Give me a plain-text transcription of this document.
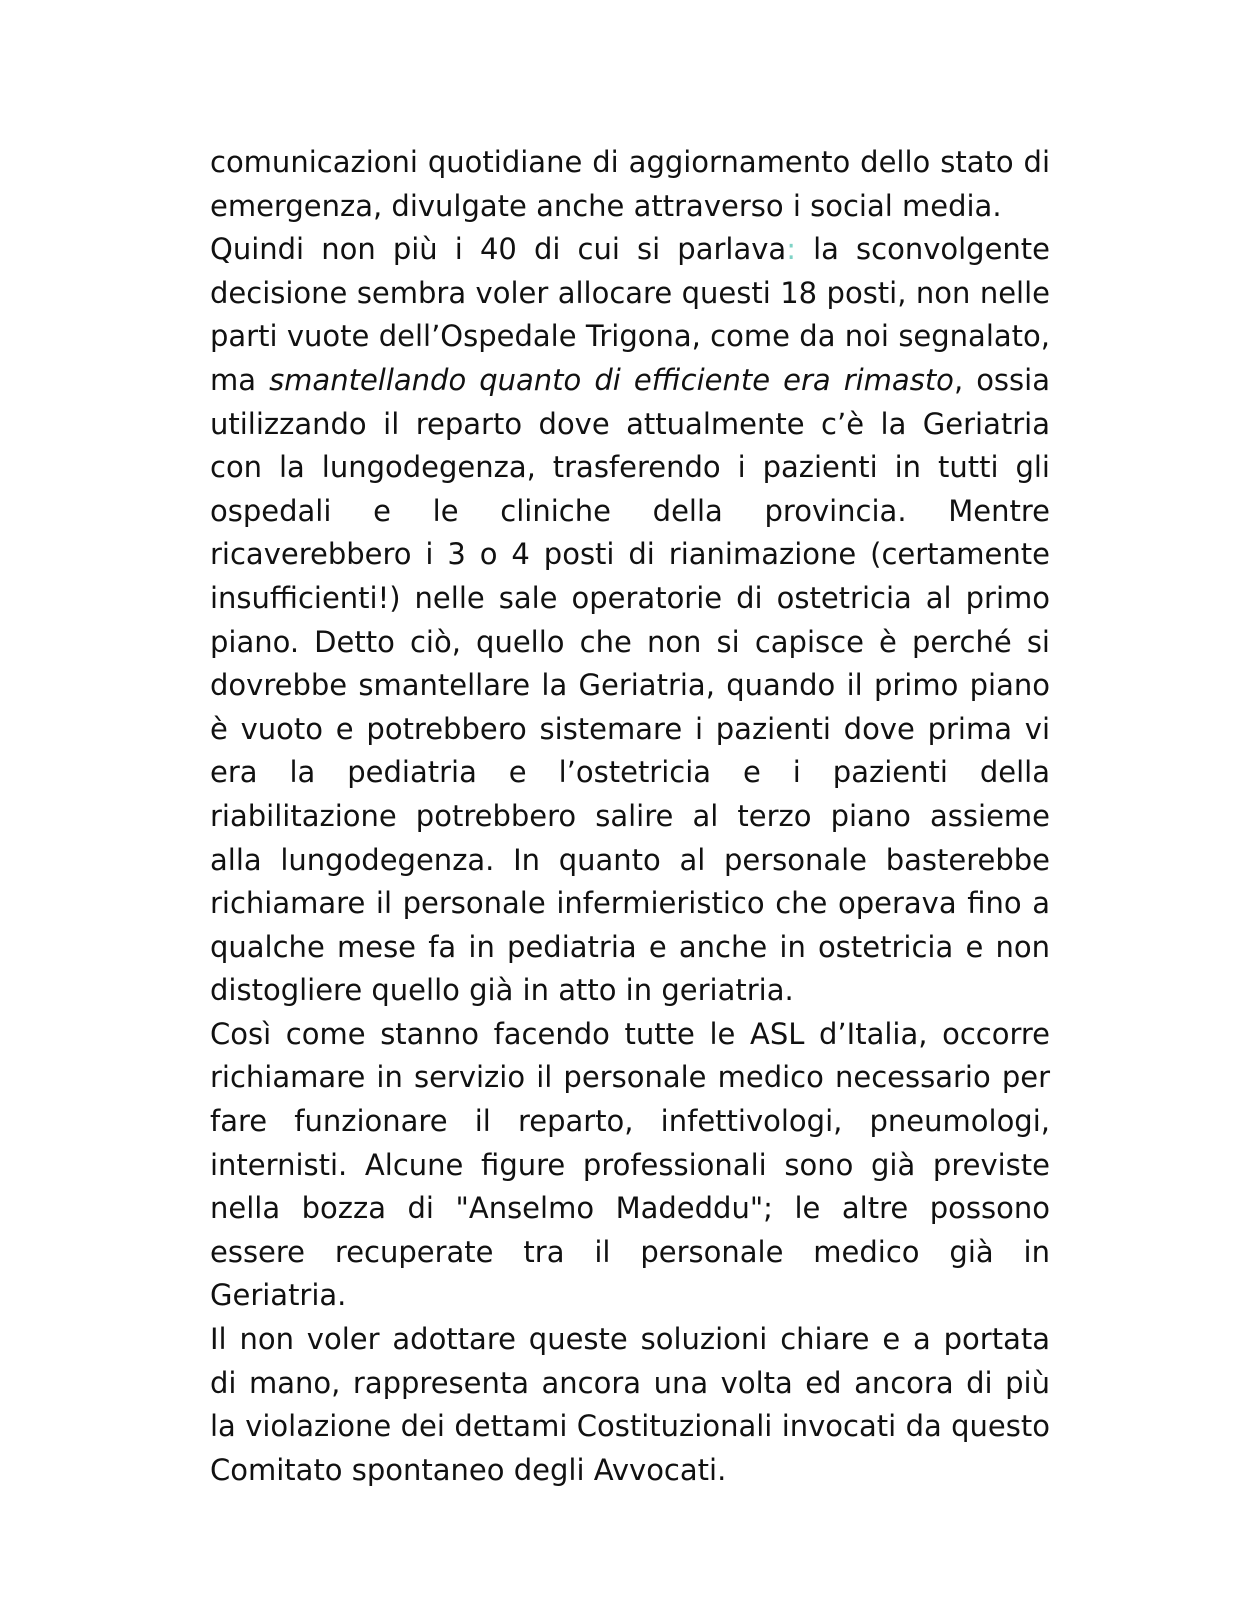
comunicazioni quotidiane di aggiornamento dello stato di emergenza, divulgate anche attraverso i social media.

Quindi non più i 40 di cui si parlava: la sconvolgente decisione sembra voler allocare questi 18 posti, non nelle parti vuote dell’Ospedale Trigona, come da noi segnalato, ma smantellando quanto di efficiente era rimasto, ossia utilizzando il reparto dove attualmente c’è la Geriatria con la lungodegenza, trasferendo i pazienti in tutti gli ospedali e le cliniche della provincia. Mentre ricaverebbero i 3 o 4 posti di rianimazione (certamente insufficienti!) nelle sale operatorie di ostetricia al primo piano. Detto ciò, quello che non si capisce è perché si dovrebbe smantellare la Geriatria, quando il primo piano è vuoto e potrebbero sistemare i pazienti dove prima vi era la pediatria e l’ostetricia e i pazienti della riabilitazione potrebbero salire al terzo piano assieme alla lungodegenza. In quanto al personale basterebbe richiamare il personale infermieristico che operava fino a qualche mese fa in pediatria e anche in ostetricia e non distogliere quello già in atto in geriatria.

Così come stanno facendo tutte le ASL d’Italia, occorre richiamare in servizio il personale medico necessario per fare funzionare il reparto, infettivologi, pneumologi, internisti. Alcune figure professionali sono già previste nella bozza di "Anselmo Madeddu"; le altre possono essere recuperate tra il personale medico già in Geriatria.

Il non voler adottare queste soluzioni chiare e a portata di mano, rappresenta ancora una volta ed ancora di più la violazione dei dettami Costituzionali invocati da questo Comitato spontaneo degli Avvocati.
